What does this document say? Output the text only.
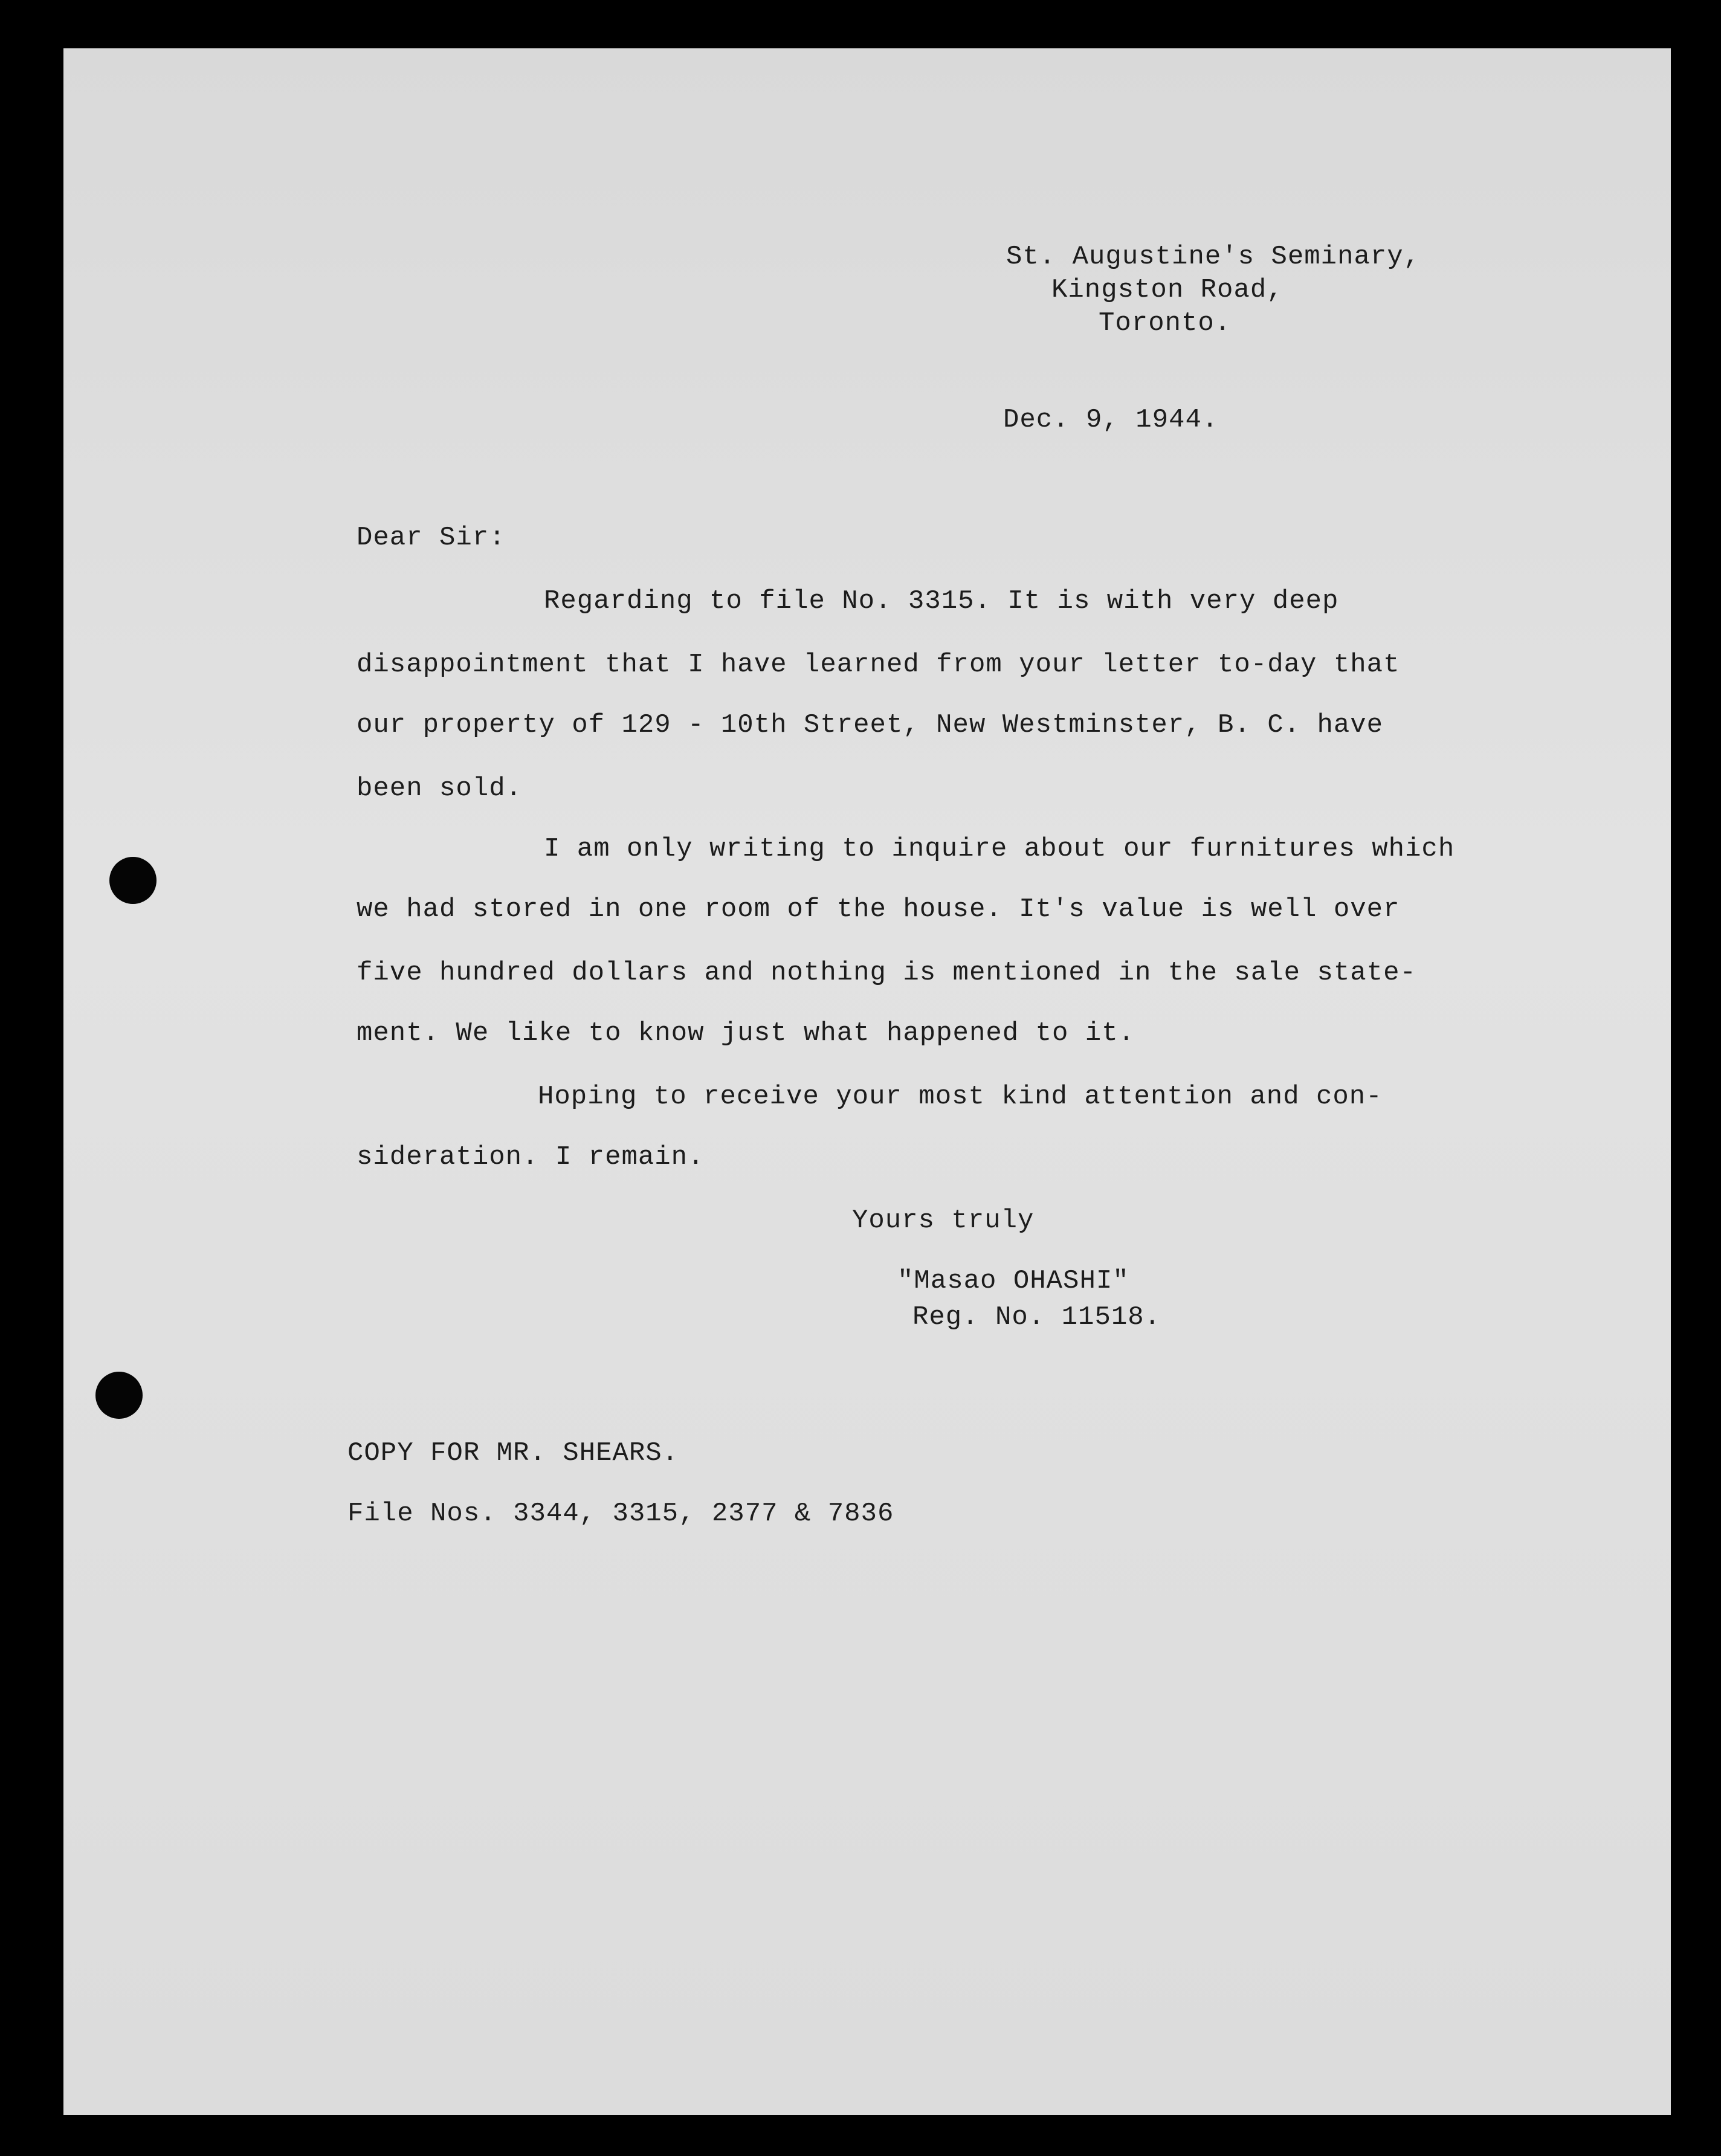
St. Augustine's Seminary,
Kingston Road,
Toronto.
Dec. 9, 1944.
Dear Sir:
Regarding to file No. 3315. It is with very deep
disappointment that I have learned from your letter to-day that
our property of 129 - 10th Street, New Westminster, B. C. have
been sold.
I am only writing to inquire about our furnitures which
we had stored in one room of the house. It's value is well over
five hundred dollars and nothing is mentioned in the sale state-
ment. We like to know just what happened to it.
Hoping to receive your most kind attention and con-
sideration. I remain.
Yours truly
"Masao OHASHI"
Reg. No. 11518.
COPY FOR MR. SHEARS.
File Nos. 3344, 3315, 2377 & 7836
